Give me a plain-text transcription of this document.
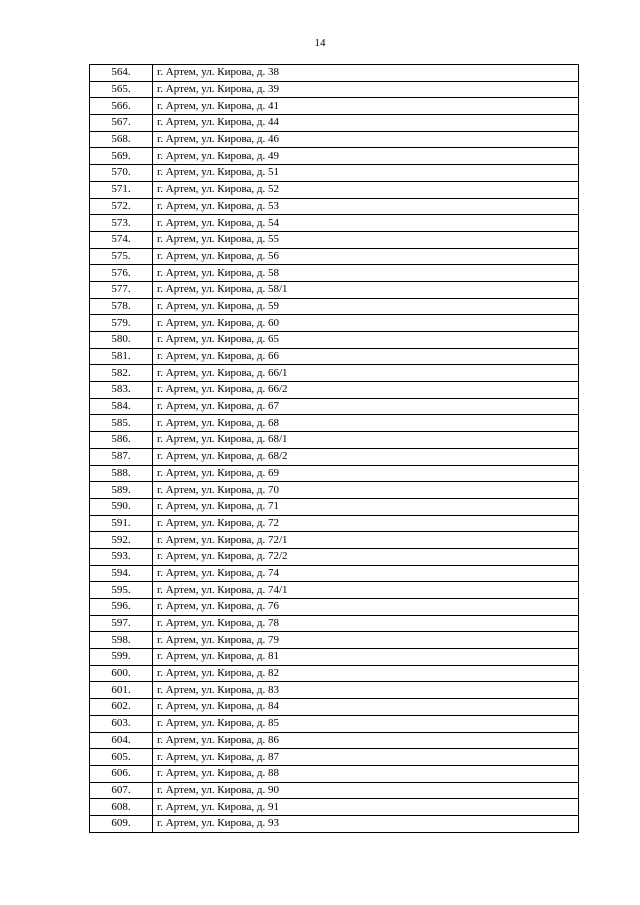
14
564.	г. Артем, ул. Кирова, д. 38
565.	г. Артем, ул. Кирова, д. 39
566.	г. Артем, ул. Кирова, д. 41
567.	г. Артем, ул. Кирова, д. 44
568.	г. Артем, ул. Кирова, д. 46
569.	г. Артем, ул. Кирова, д. 49
570.	г. Артем, ул. Кирова, д. 51
571.	г. Артем, ул. Кирова, д. 52
572.	г. Артем, ул. Кирова, д. 53
573.	г. Артем, ул. Кирова, д. 54
574.	г. Артем, ул. Кирова, д. 55
575.	г. Артем, ул. Кирова, д. 56
576.	г. Артем, ул. Кирова, д. 58
577.	г. Артем, ул. Кирова, д. 58/1
578.	г. Артем, ул. Кирова, д. 59
579.	г. Артем, ул. Кирова, д. 60
580.	г. Артем, ул. Кирова, д. 65
581.	г. Артем, ул. Кирова, д. 66
582.	г. Артем, ул. Кирова, д. 66/1
583.	г. Артем, ул. Кирова, д. 66/2
584.	г. Артем, ул. Кирова, д. 67
585.	г. Артем, ул. Кирова, д. 68
586.	г. Артем, ул. Кирова, д. 68/1
587.	г. Артем, ул. Кирова, д. 68/2
588.	г. Артем, ул. Кирова, д. 69
589.	г. Артем, ул. Кирова, д. 70
590.	г. Артем, ул. Кирова, д. 71
591.	г. Артем, ул. Кирова, д. 72
592.	г. Артем, ул. Кирова, д. 72/1
593.	г. Артем, ул. Кирова, д. 72/2
594.	г. Артем, ул. Кирова, д. 74
595.	г. Артем, ул. Кирова, д. 74/1
596.	г. Артем, ул. Кирова, д. 76
597.	г. Артем, ул. Кирова, д. 78
598.	г. Артем, ул. Кирова, д. 79
599.	г. Артем, ул. Кирова, д. 81
600.	г. Артем, ул. Кирова, д. 82
601.	г. Артем, ул. Кирова, д. 83
602.	г. Артем, ул. Кирова, д. 84
603.	г. Артем, ул. Кирова, д. 85
604.	г. Артем, ул. Кирова, д. 86
605.	г. Артем, ул. Кирова, д. 87
606.	г. Артем, ул. Кирова, д. 88
607.	г. Артем, ул. Кирова, д. 90
608.	г. Артем, ул. Кирова, д. 91
609.	г. Артем, ул. Кирова, д. 93
